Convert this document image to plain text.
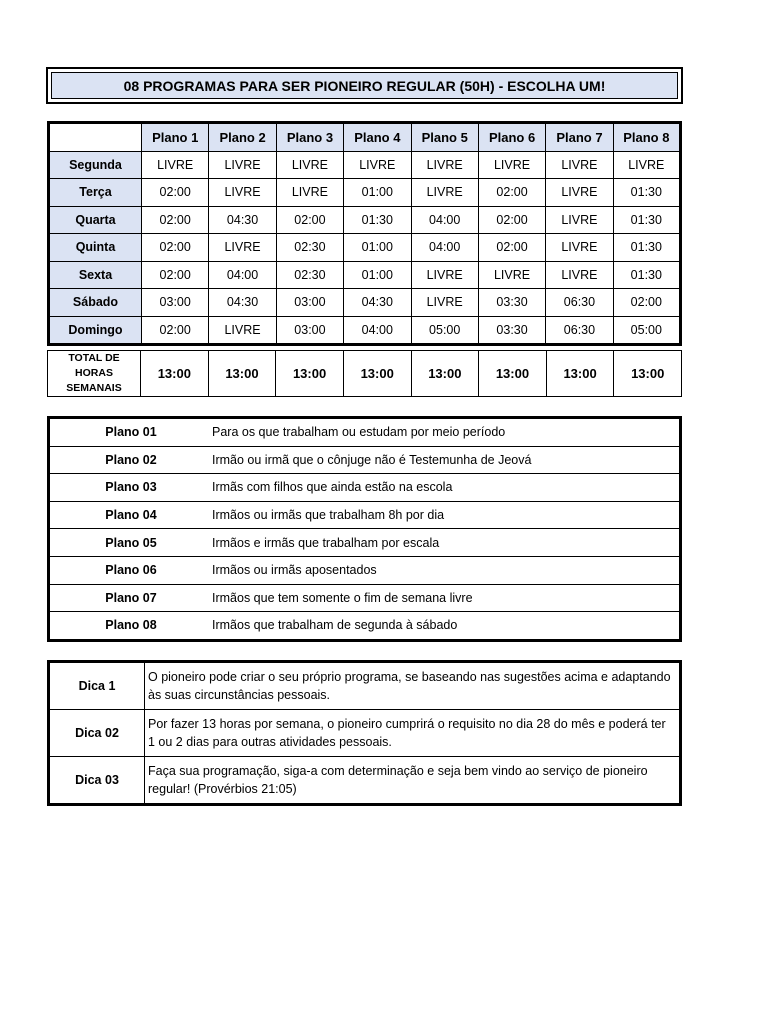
08 PROGRAMAS PARA SER PIONEIRO REGULAR (50H) - ESCOLHA UM!
	Plano 1	Plano 2	Plano 3	Plano 4	Plano 5	Plano 6	Plano 7	Plano 8
Segunda	LIVRE	LIVRE	LIVRE	LIVRE	LIVRE	LIVRE	LIVRE	LIVRE
Terça	02:00	LIVRE	LIVRE	01:00	LIVRE	02:00	LIVRE	01:30
Quarta	02:00	04:30	02:00	01:30	04:00	02:00	LIVRE	01:30
Quinta	02:00	LIVRE	02:30	01:00	04:00	02:00	LIVRE	01:30
Sexta	02:00	04:00	02:30	01:00	LIVRE	LIVRE	LIVRE	01:30
Sábado	03:00	04:30	03:00	04:30	LIVRE	03:30	06:30	02:00
Domingo	02:00	LIVRE	03:00	04:00	05:00	03:30	06:30	05:00
TOTAL DE
HORAS
SEMANAIS
	13:00	13:00	13:00	13:00	13:00	13:00	13:00	13:00
Plano 01	Para os que trabalham ou estudam por meio período
Plano 02	Irmão ou irmã que o cônjuge não é Testemunha de Jeová
Plano 03	Irmãs com filhos que ainda estão na escola
Plano 04	Irmãos ou irmãs que trabalham 8h por dia
Plano 05	Irmãos e irmãs que trabalham por escala
Plano 06	Irmãos ou irmãs aposentados
Plano 07	Irmãos que tem somente o fim de semana livre
Plano 08	Irmãos que trabalham de segunda à sábado
Dica 1	O pioneiro pode criar o seu próprio programa, se baseando nas sugestões acima e adaptando às suas circunstâncias pessoais.
Dica 02	Por fazer 13 horas por semana, o pioneiro cumprirá o requisito no dia 28 do mês e poderá ter 1 ou 2 dias para outras atividades pessoais.
Dica 03	Faça sua programação, siga-a com determinação e seja bem vindo ao serviço de pioneiro regular! (Provérbios 21:05)
